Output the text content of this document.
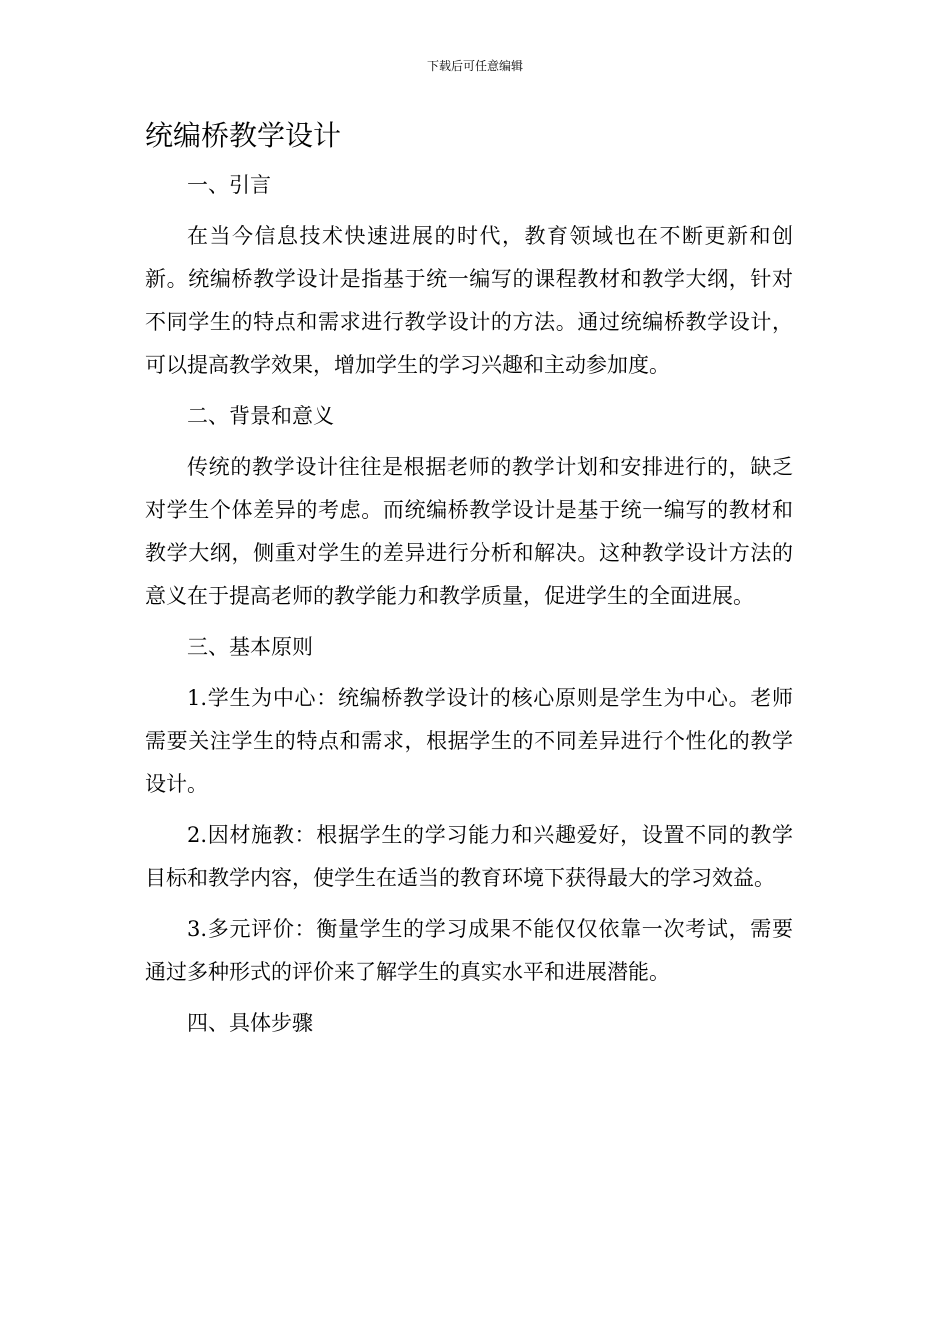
下载后可任意编辑
统编桥教学设计

一、引言

在当今信息技术快速进展的时代，教育领域也在不断更新和创新。统编桥教学设计是指基于统一编写的课程教材和教学大纲，针对不同学生的特点和需求进行教学设计的方法。通过统编桥教学设计，可以提高教学效果，增加学生的学习兴趣和主动参加度。

二、背景和意义

传统的教学设计往往是根据老师的教学计划和安排进行的，缺乏对学生个体差异的考虑。而统编桥教学设计是基于统一编写的教材和教学大纲，侧重对学生的差异进行分析和解决。这种教学设计方法的意义在于提高老师的教学能力和教学质量，促进学生的全面进展。

三、基本原则

1.学生为中心：统编桥教学设计的核心原则是学生为中心。老师需要关注学生的特点和需求，根据学生的不同差异进行个性化的教学设计。

2.因材施教：根据学生的学习能力和兴趣爱好，设置不同的教学目标和教学内容，使学生在适当的教育环境下获得最大的学习效益。

3.多元评价：衡量学生的学习成果不能仅仅依靠一次考试，需要通过多种形式的评价来了解学生的真实水平和进展潜能。

四、具体步骤
